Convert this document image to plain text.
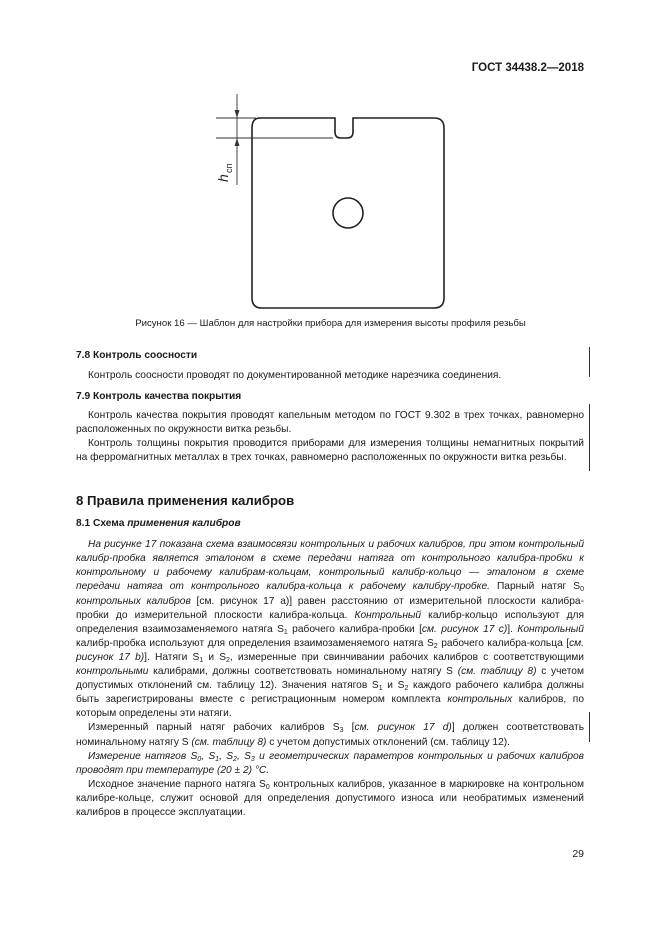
ГОСТ 34438.2—2018
h
сп
Рисунок 16 — Шаблон для настройки прибора для измерения высоты профиля резьбы

7.8 Контроль соосности

Контроль соосности проводят по документированной методике нарезчика соединения.

7.9 Контроль качества покрытия

Контроль качества покрытия проводят капельным методом по ГОСТ 9.302 в трех точках, равномерно расположенных по окружности витка резьбы.

Контроль толщины покрытия проводится приборами для измерения толщины немагнитных покрытий на ферромагнитных металлах в трех точках, равномерно расположенных по окружности витка резьбы.

8 Правила применения калибров

8.1 Схема применения калибров

На рисунке 17 показана схема взаимосвязи контрольных и рабочих калибров, при этом контрольный калибр-пробка является эталоном в схеме передачи натяга от контрольного калибра-пробки к контрольному и рабочему калибрам-кольцам, контрольный калибр-кольцо — эталоном в схеме передачи натяга от контрольного калибра-кольца к рабочему калибру-пробке. Парный натяг $S_0$ контрольных калибров [см. рисунок 17 a)] равен расстоянию от измерительной плоскости калибра-пробки до измерительной плоскости калибра-кольца. Контрольный калибр-кольцо используют для определения взаимозаменяемого натяга $S_1$ рабочего калибра-пробки [см. рисунок 17 c)]. Контрольный калибр-пробка используют для определения взаимозаменяемого натяга $S_2$ рабочего калибра-кольца [см. рисунок 17 b)]. Натяги $S_1$ и $S_2$, измеренные при свинчивании рабочих калибров с соответствующими контрольными калибрами, должны соответствовать номинальному натягу S (см. таблицу 8) с учетом допустимых отклонений см. таблицу 12). Значения натягов $S_1$ и $S_2$ каждого рабочего калибра должны быть зарегистрированы вместе с регистрационным номером комплекта контрольных калибров, по которым определены эти натяги.

Измеренный парный натяг рабочих калибров $S_3$ [см. рисунок 17 d)] должен соответствовать номинальному натягу S (см. таблицу 8) с учетом допустимых отклонений (см. таблицу 12).

Измерение натягов $S_0$, $S_1$, $S_2$, $S_3$ и геометрических параметров контрольных и рабочих калибров проводят при температуре (20 ± 2) °С.

Исходное значение парного натяга $S_0$ контрольных калибров, указанное в маркировке на контрольном калибре-кольце, служит основой для определения допустимого износа или необратимых изменений калибров в процессе эксплуатации.

29
